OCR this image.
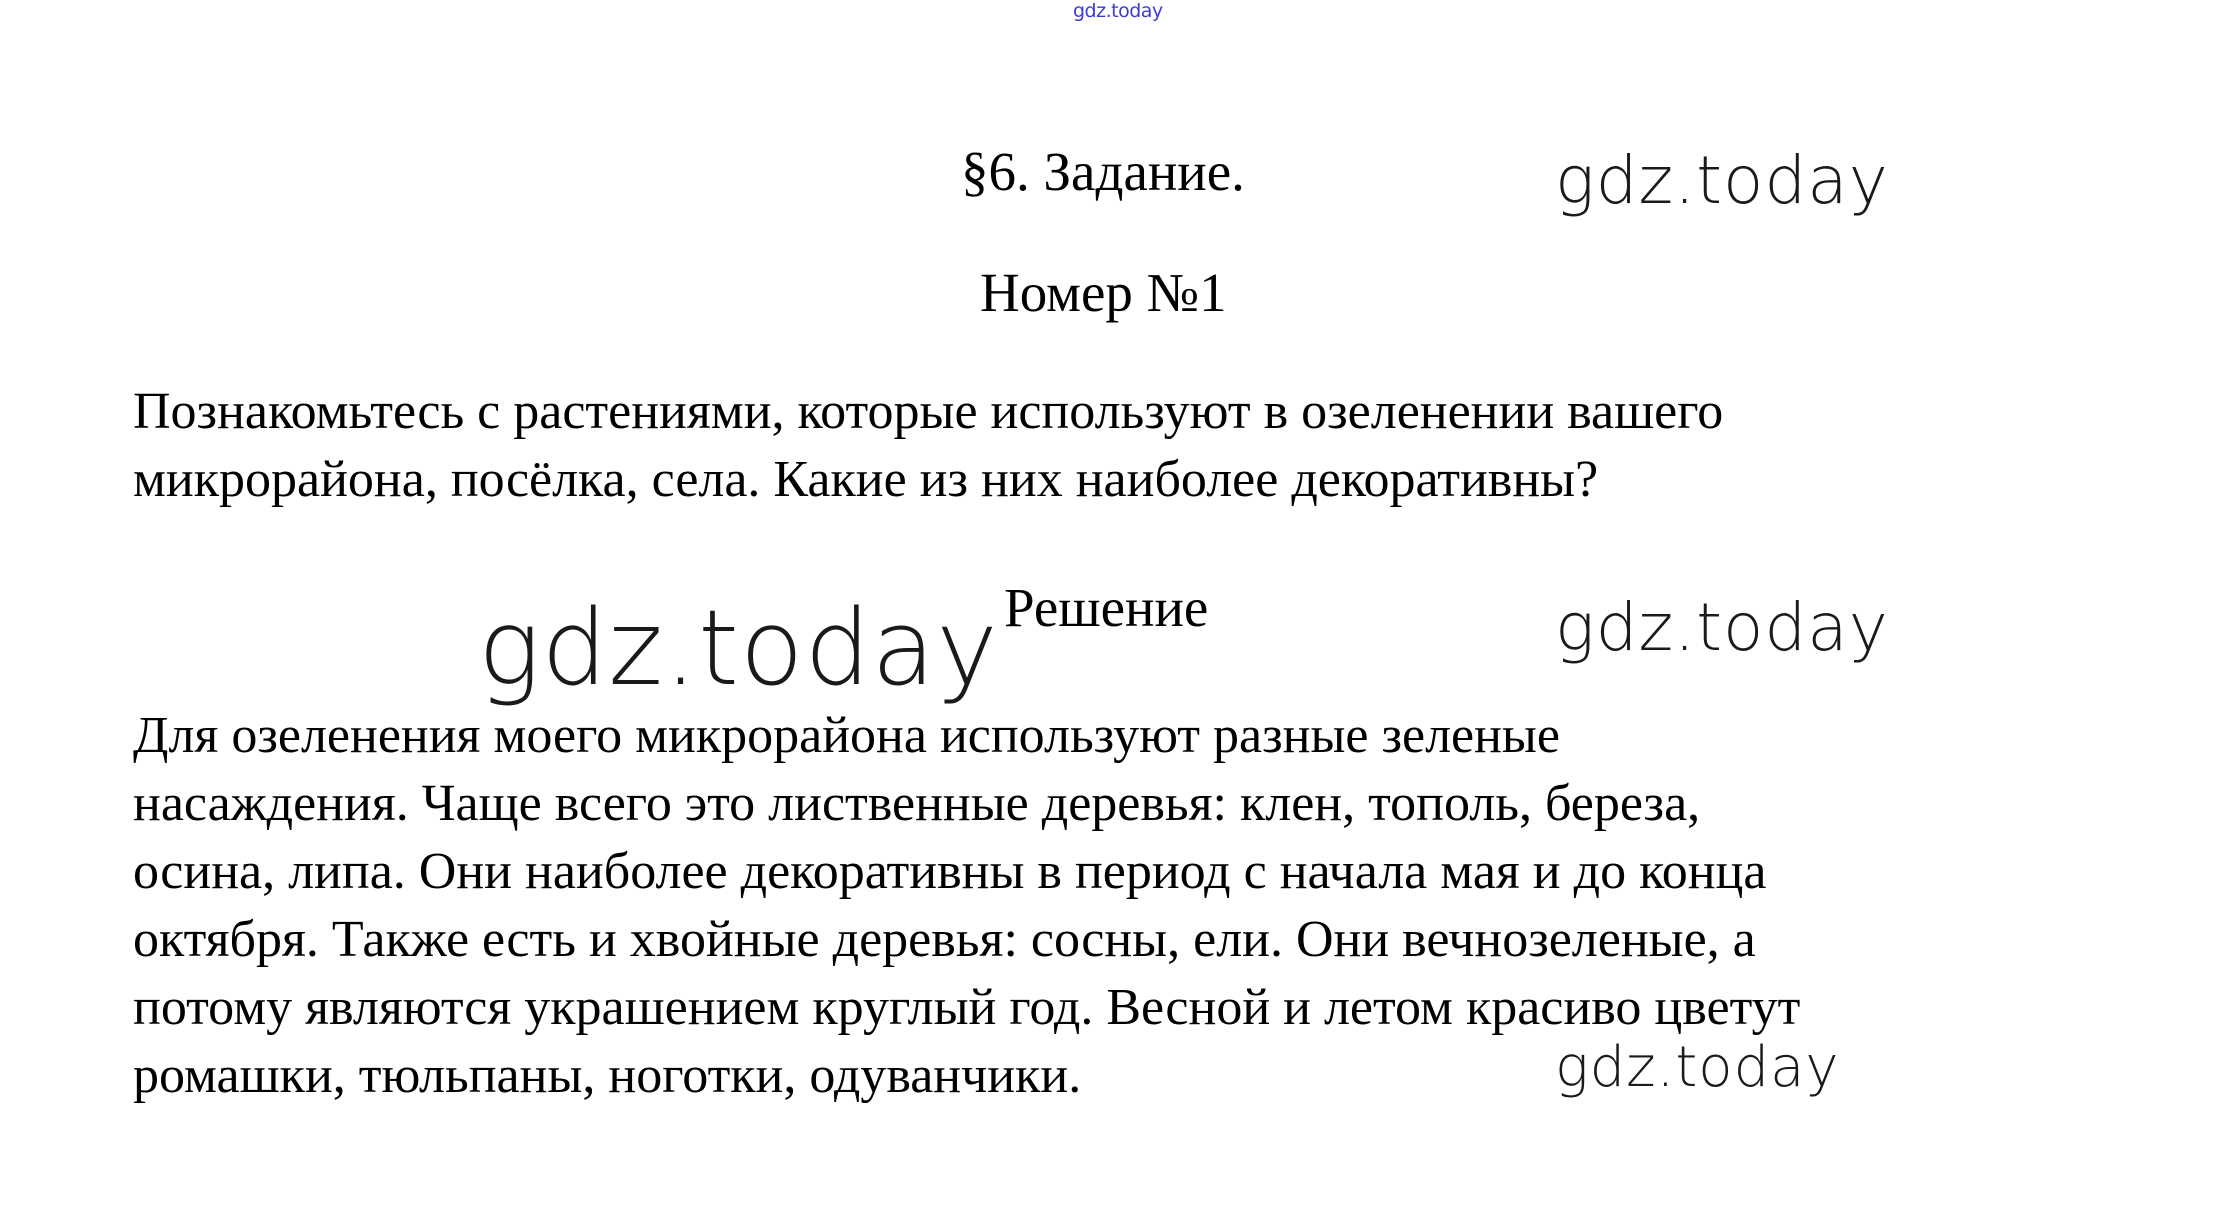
gdz.today
§6. Задание.	gdz.today
Номер №1
Познакомьтесь с растениями, которые используют в озеленении вашего
микрорайона, посёлка, села. Какие из них наиболее декоративны?
gdz.today Решение	gdz.today
Для озеленения моего микрорайона используют разные зеленые
насаждения. Чаще всего это лиственные деревья: клен, тополь, береза,
осина, липа. Они наиболее декоративны в период с начала мая и до конца
октября. Также есть и хвойные деревья: сосны, ели. Они вечнозеленые, а
потому являются украшением круглый год. Весной и летом красиво цветут
ромашки, тюльпаны, ноготки, одуванчики.	gdz.today
